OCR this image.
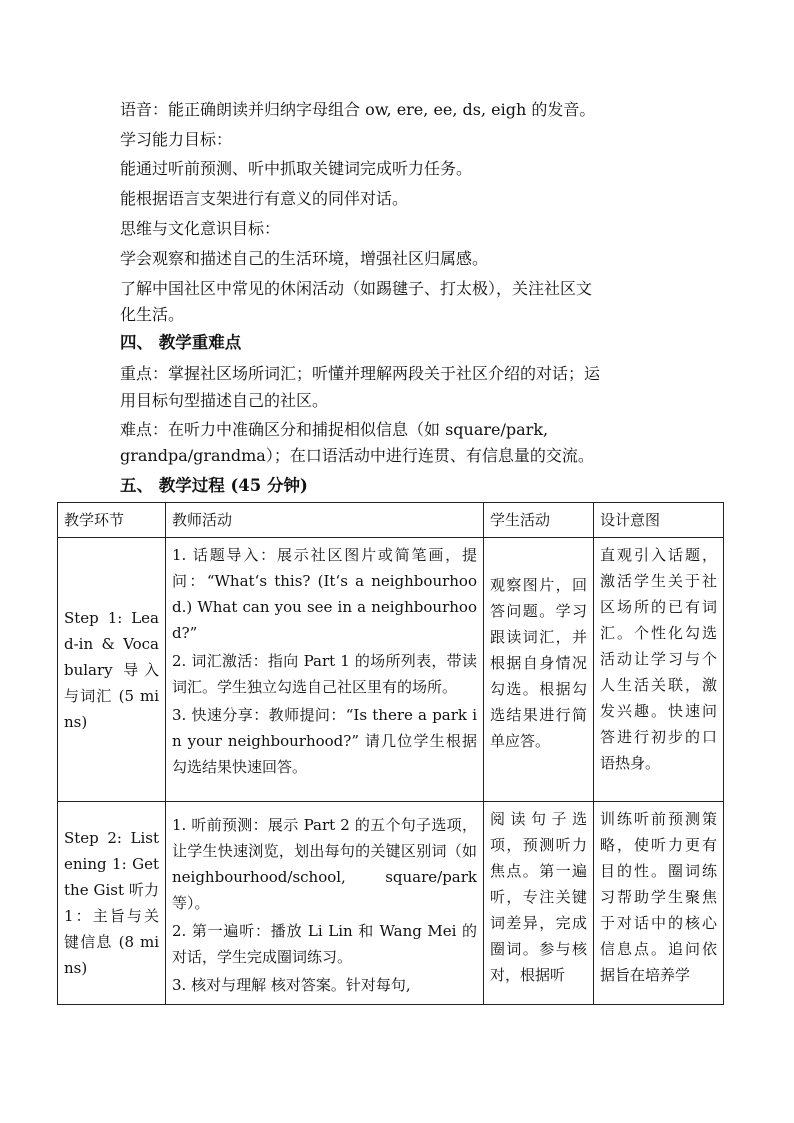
语音：能正确朗读并归纳字母组合 ow, ere, ee, ds, eigh 的发音。
学习能力目标：
能通过听前预测、听中抓取关键词完成听力任务。
能根据语言支架进行有意义的同伴对话。
思维与文化意识目标：
学会观察和描述自己的生活环境，增强社区归属感。
了解中国社区中常见的休闲活动（如踢毽子、打太极），关注社区文
化生活。
四、 教学重难点
重点：掌握社区场所词汇；听懂并理解两段关于社区介绍的对话；运
用目标句型描述自己的社区。
难点：在听力中准确区分和捕捉相似信息（如 square/park,
grandpa/grandma）；在口语活动中进行连贯、有信息量的交流。
五、 教学过程 (45 分钟)
教学环节	教师活动	学生活动	设计意图
Step 1: Lead-in & Vocabulary 导入与词汇 (5 mins)	1. 话题导入：展示社区图片或简笔画，提问：“What‘s this? (It‘s a neighbourhood.) What can you see in a neighbourhood?”

2. 词汇激活：指向 Part 1 的场所列表，带读词汇。学生独立勾选自己社区里有的场所。

3. 快速分享：教师提问：“Is there a park in your neighbourhood?” 请几位学生根据勾选结果快速回答。	观察图片，回答问题。学习跟读词汇，并根据自身情况勾选。根据勾选结果进行简单应答。	直观引入话题，激活学生关于社区场所的已有词汇。个性化勾选活动让学习与个人生活关联，激发兴趣。快速问答进行初步的口语热身。
Step 2: Listening 1: Get the Gist 听力 1：主旨与关键信息 (8 mins)	1. 听前预测：展示 Part 2 的五个句子选项，让学生快速浏览，划出每句的关键区别词（如 neighbourhood/school, square/park 等）。

2. 第一遍听：播放 Li Lin 和 Wang Mei 的对话，学生完成圈词练习。

3. 核对与理解 核对答案。针对每句,	阅读句子选项，预测听力焦点。第一遍听，专注关键词差异，完成圈词。参与核对，根据听	训练听前预测策略，使听力更有目的性。圈词练习帮助学生聚焦于对话中的核心信息点。追问依据旨在培养学
